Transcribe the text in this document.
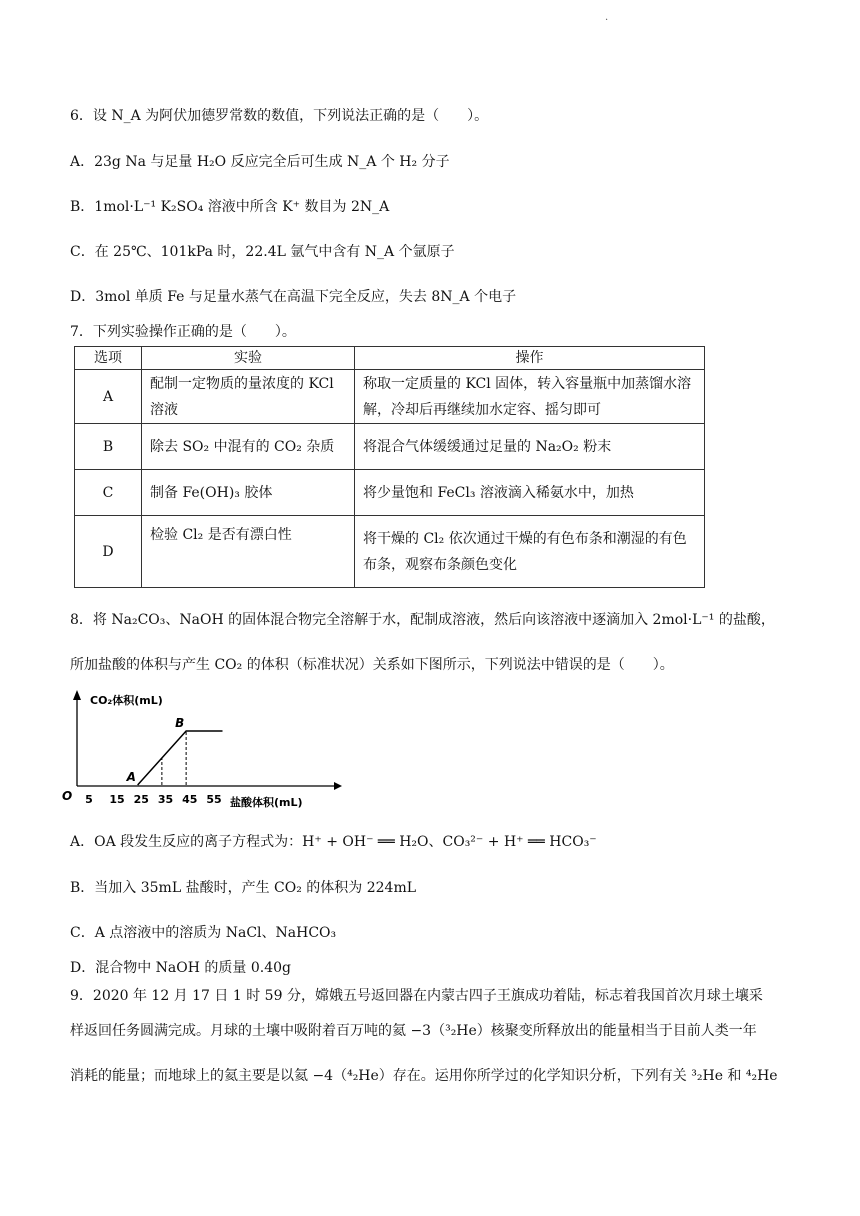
.
6．设 N_A 为阿伏加德罗常数的数值，下列说法正确的是（　　）。
A．23g Na 与足量 H₂O 反应完全后可生成 N_A 个 H₂ 分子
B．1mol·L⁻¹ K₂SO₄ 溶液中所含 K⁺ 数目为 2N_A
C．在 25℃、101kPa 时，22.4L 氩气中含有 N_A 个氩原子
D．3mol 单质 Fe 与足量水蒸气在高温下完全反应，失去 8N_A 个电子
7．下列实验操作正确的是（　　）。
选项	实验	操作
A	配制一定物质的量浓度的 KCl 溶液	称取一定质量的 KCl 固体，转入容量瓶中加蒸馏水溶解，冷却后再继续加水定容、摇匀即可
B	除去 SO₂ 中混有的 CO₂ 杂质	将混合气体缓缓通过足量的 Na₂O₂ 粉末
C	制备 Fe(OH)₃ 胶体	将少量饱和 FeCl₃ 溶液滴入稀氨水中，加热
D	检验 Cl₂ 是否有漂白性	将干燥的 Cl₂ 依次通过干燥的有色布条和潮湿的有色布条，观察布条颜色变化
8．将 Na₂CO₃、NaOH 的固体混合物完全溶解于水，配制成溶液，然后向该溶液中逐滴加入 2mol·L⁻¹ 的盐酸，
所加盐酸的体积与产生 CO₂ 的体积（标准状况）关系如下图所示，下列说法中错误的是（　　）。
CO₂体积(mL)
盐酸体积(mL)
O 5 15 25 35 45 55
A
B
A．OA 段发生反应的离子方程式为：H⁺ + OH⁻ ══ H₂O、CO₃²⁻ + H⁺ ══ HCO₃⁻
B．当加入 35mL 盐酸时，产生 CO₂ 的体积为 224mL
C．A 点溶液中的溶质为 NaCl、NaHCO₃
D．混合物中 NaOH 的质量 0.40g
9．2020 年 12 月 17 日 1 时 59 分，嫦娥五号返回器在内蒙古四子王旗成功着陆，标志着我国首次月球土壤采
样返回任务圆满完成。月球的土壤中吸附着百万吨的氦 −3（³₂He）核聚变所释放出的能量相当于目前人类一年
消耗的能量；而地球上的氦主要是以氦 −4（⁴₂He）存在。运用你所学过的化学知识分析，下列有关 ³₂He 和 ⁴₂He
